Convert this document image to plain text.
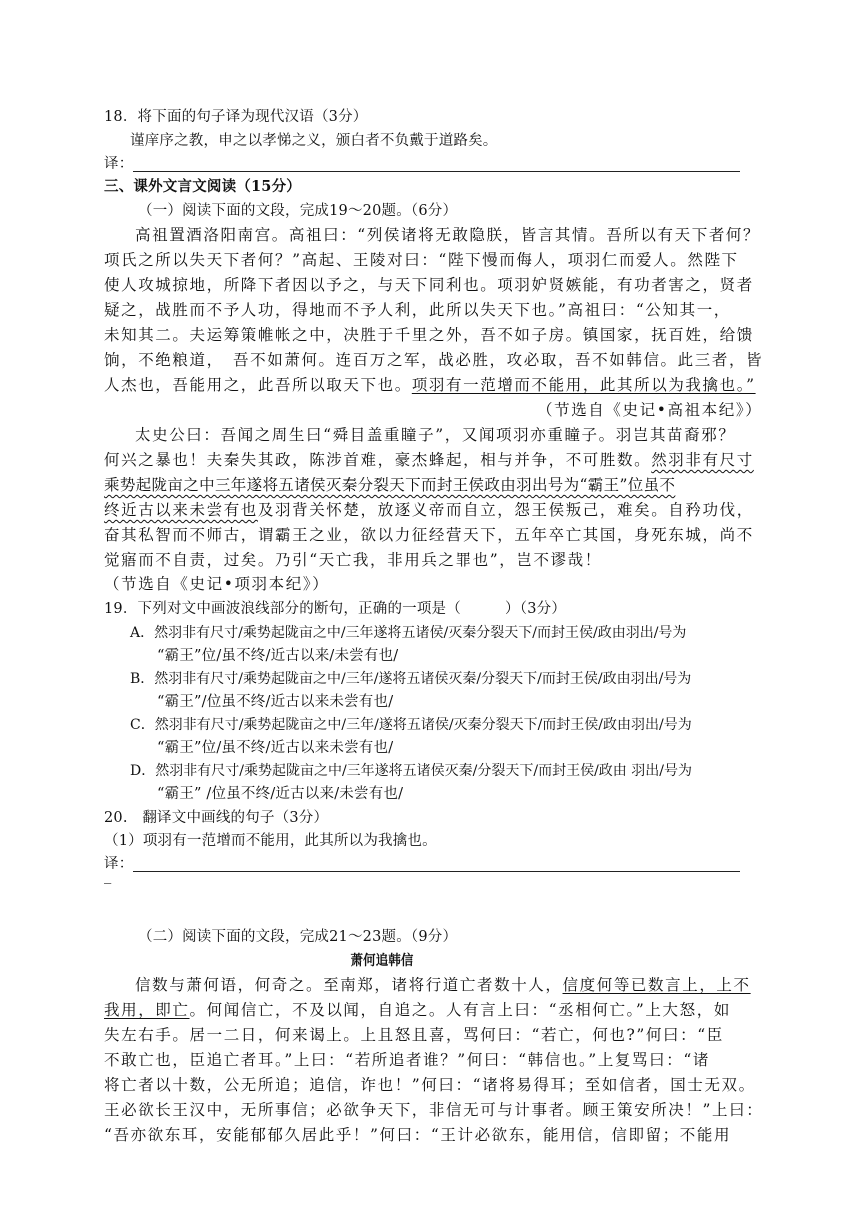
18．将下面的句子译为现代汉语（3分）
谨庠序之教，申之以孝悌之义，颁白者不负戴于道路矣。
译：
三、课外文言文阅读（15分）
（一）阅读下面的文段，完成19～20题。（6分）
高祖置酒洛阳南宫。高祖曰：“列侯诸将无敢隐朕，皆言其情。吾所以有天下者何？
项氏之所以失天下者何？”高起、王陵对曰：“陛下慢而侮人，项羽仁而爱人。然陛下
使人攻城掠地，所降下者因以予之，与天下同利也。项羽妒贤嫉能，有功者害之，贤者
疑之，战胜而不予人功，得地而不予人利，此所以失天下也。”高祖曰：“公知其一，
未知其二。夫运筹策帷帐之中，决胜于千里之外，吾不如子房。镇国家，抚百姓，给馈
饷，不绝粮道，　吾不如萧何。连百万之军，战必胜，攻必取，吾不如韩信。此三者，皆
人杰也，吾能用之，此吾所以取天下也。项羽有一范增而不能用，此其所以为我擒也。”
（节选自《史记•高祖本纪》）
太史公曰：吾闻之周生曰“舜目盖重瞳子”，又闻项羽亦重瞳子。羽岂其苗裔邪？
何兴之暴也！夫秦失其政，陈涉首难，豪杰蜂起，相与并争，不可胜数。然羽非有尺寸
乘势起陇亩之中三年遂将五诸侯灭秦分裂天下而封王侯政由羽出号为“霸王”位虽不
终近古以来未尝有也及羽背关怀楚，放逐义帝而自立，怨王侯叛己，难矣。自矜功伐，
奋其私智而不师古，谓霸王之业，欲以力征经营天下，五年卒亡其国，身死东城，尚不
觉寤而不自责，过矣。乃引“天亡我，非用兵之罪也”，岂不谬哉！
（节选自《史记•项羽本纪》）
19．下列对文中画波浪线部分的断句，正确的一项是（　　　）（3分）
A．然羽非有尺寸/乘势起陇亩之中/三年遂将五诸侯/灭秦分裂天下/而封王侯/政由羽出/号为
“霸王”位/虽不终/近古以来/未尝有也/
B．然羽非有尺寸/乘势起陇亩之中/三年/遂将五诸侯灭秦/分裂天下/而封王侯/政由羽出/号为
“霸王”/位虽不终/近古以来未尝有也/
C．然羽非有尺寸/乘势起陇亩之中/三年/遂将五诸侯/灭秦分裂天下/而封王侯/政由羽出/号为
“霸王”位/虽不终/近古以来未尝有也/
D．然羽非有尺寸/乘势起陇亩之中/三年遂将五诸侯灭秦/分裂天下/而封王侯/政由 羽出/号为
“霸王” /位虽不终/近古以来/未尝有也/
20.　翻译文中画线的句子（3分）
（1）项羽有一范增而不能用，此其所以为我擒也。
译：
_
（二）阅读下面的文段，完成21～23题。（9分）
萧何追韩信
信数与萧何语，何奇之。至南郑，诸将行道亡者数十人，信度何等已数言上，上不
我用，即亡。何闻信亡，不及以闻，自追之。人有言上曰：“丞相何亡。”上大怒，如
失左右手。居一二日，何来谒上。上且怒且喜，骂何曰：“若亡，何也?”何曰：“臣
不敢亡也，臣追亡者耳。”上曰：“若所追者谁？”何曰：“韩信也。”上复骂曰：“诸
将亡者以十数，公无所追；追信，诈也！”何曰：“诸将易得耳；至如信者，国士无双。
王必欲长王汉中，无所事信；必欲争天下，非信无可与计事者。顾王策安所决！”上曰：
“吾亦欲东耳，安能郁郁久居此乎！”何曰：“王计必欲东，能用信，信即留；不能用
